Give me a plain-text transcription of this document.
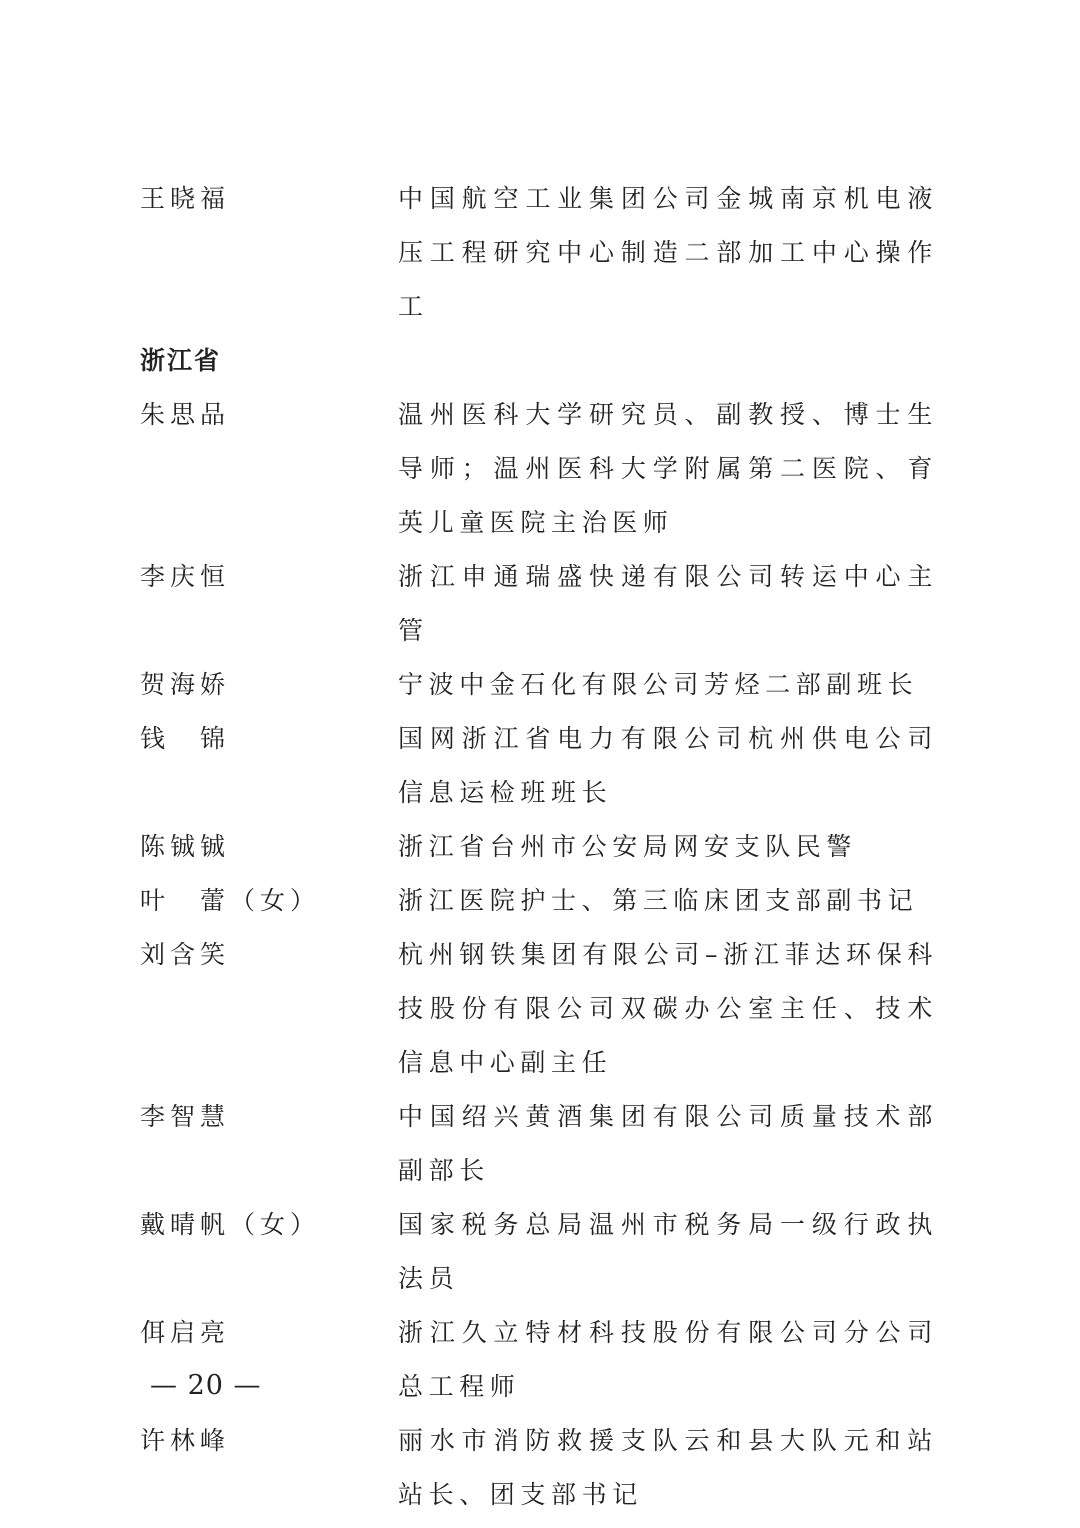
王晓福	中国航空工业集团公司金城南京机电液压工程研究中心制造二部加工中心操作工
浙江省
朱思品	温州医科大学研究员、副教授、博士生导师；温州医科大学附属第二医院、育英儿童医院主治医师
李庆恒	浙江申通瑞盛快递有限公司转运中心主管
贺海娇	宁波中金石化有限公司芳烃二部副班长
钱　锦	国网浙江省电力有限公司杭州供电公司信息运检班班长
陈铖铖	浙江省台州市公安局网安支队民警
叶　蕾（女）	浙江医院护士、第三临床团支部副书记
刘含笑	杭州钢铁集团有限公司–浙江菲达环保科技股份有限公司双碳办公室主任、技术信息中心副主任
李智慧	中国绍兴黄酒集团有限公司质量技术部副部长
戴晴帆（女）	国家税务总局温州市税务局一级行政执法员
佴启亮	浙江久立特材科技股份有限公司分公司总工程师
许林峰	丽水市消防救援支队云和县大队元和站站长、团支部书记
— 20 —
